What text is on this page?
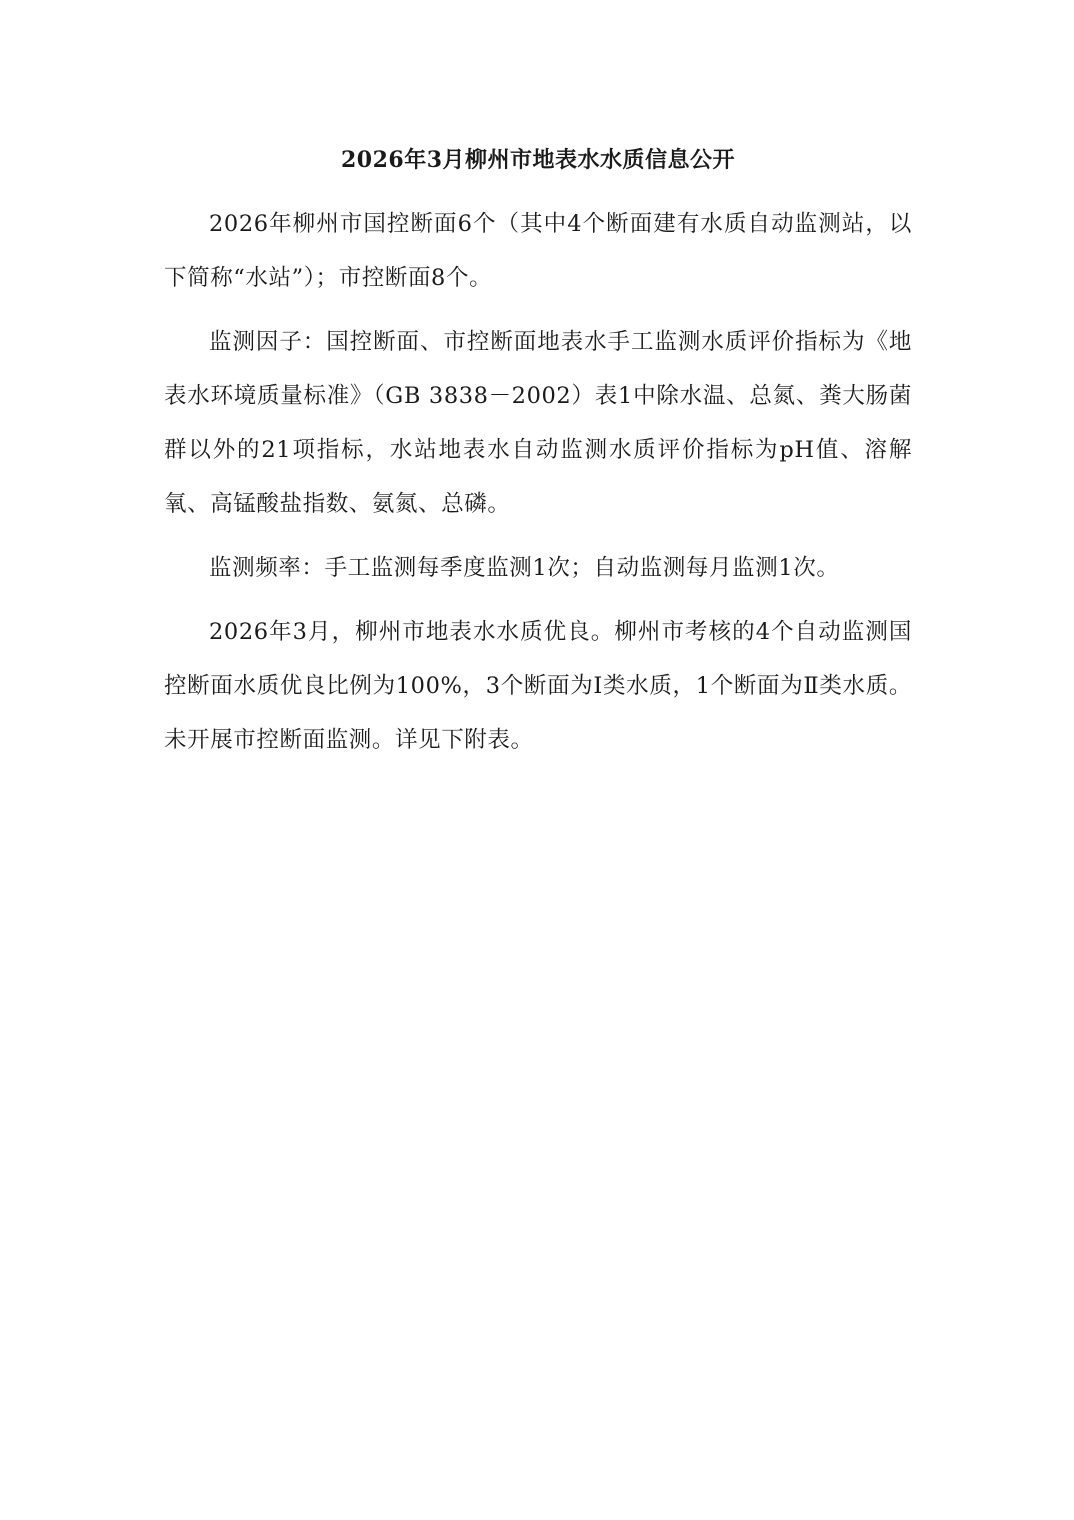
2026年3月柳州市地表水水质信息公开

2026年柳州市国控断面6个（其中4个断面建有水质自动监测站，以下简称“水站”）；市控断面8个。

监测因子：国控断面、市控断面地表水手工监测水质评价指标为《地表水环境质量标准》（GB 3838－2002）表1中除水温、总氮、粪大肠菌群以外的21项指标，水站地表水自动监测水质评价指标为pH值、溶解氧、高锰酸盐指数、氨氮、总磷。

监测频率：手工监测每季度监测1次；自动监测每月监测1次。

2026年3月，柳州市地表水水质优良。柳州市考核的4个自动监测国控断面水质优良比例为100%，3个断面为Ⅰ类水质，1个断面为Ⅱ类水质。未开展市控断面监测。详见下附表。
